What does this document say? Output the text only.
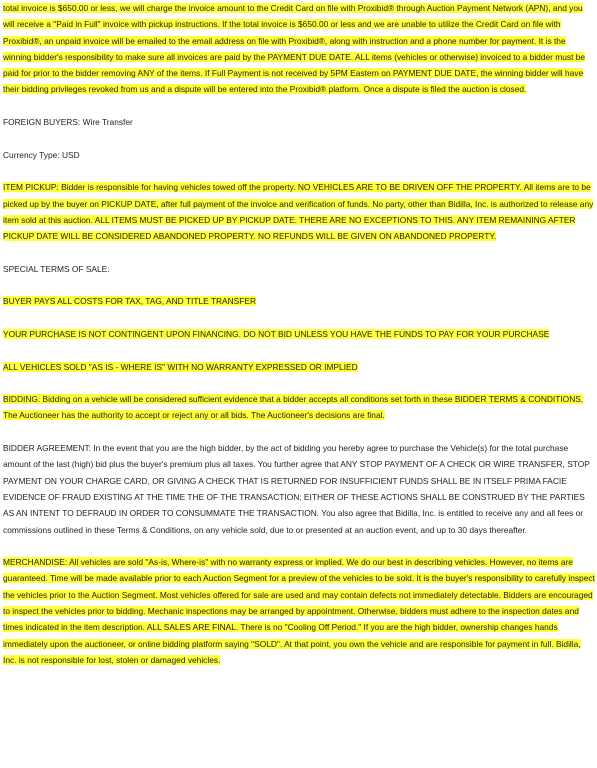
total invoice is $650.00 or less, we will charge the invoice amount to the Credit Card on file with Proxibid® through Auction Payment Network (APN), and you will receive a "Paid in Full" invoice with pickup instructions. If the total invoice is $650.00 or less and we are unable to utilize the Credit Card on file with Proxibid®, an unpaid invoice will be emailed to the email address on file with Proxibid®, along with instruction and a phone number for payment. It is the winning bidder's responsibility to make sure all invoices are paid by the PAYMENT DUE DATE. ALL items (vehicles or otherwise) invoiced to a bidder must be paid for prior to the bidder removing ANY of the items. If Full Payment is not received by 5PM Eastern on PAYMENT DUE DATE, the winning bidder will have their bidding privileges revoked from us and a dispute will be entered into the Proxibid® platform. Once a dispute is filed the auction is closed.

FOREIGN BUYERS: Wire Transfer

Currency Type: USD

ITEM PICKUP: Bidder is responsible for having vehicles towed off the property. NO VEHICLES ARE TO BE DRIVEN OFF THE PROPERTY. All items are to be picked up by the buyer on PICKUP DATE, after full payment of the invoice and verification of funds. No party, other than Bidilla, Inc. is authorized to release any item sold at this auction. ALL ITEMS MUST BE PICKED UP BY PICKUP DATE. THERE ARE NO EXCEPTIONS TO THIS. ANY ITEM REMAINING AFTER PICKUP DATE WILL BE CONSIDERED ABANDONED PROPERTY. NO REFUNDS WILL BE GIVEN ON ABANDONED PROPERTY.

SPECIAL TERMS OF SALE:

BUYER PAYS ALL COSTS FOR TAX, TAG, AND TITLE TRANSFER

YOUR PURCHASE IS NOT CONTINGENT UPON FINANCING. DO NOT BID UNLESS YOU HAVE THE FUNDS TO PAY FOR YOUR PURCHASE

ALL VEHICLES SOLD "AS IS - WHERE IS" WITH NO WARRANTY EXPRESSED OR IMPLIED

BIDDING: Bidding on a vehicle will be considered sufficient evidence that a bidder accepts all conditions set forth in these BIDDER TERMS & CONDITIONS. The Auctioneer has the authority to accept or reject any or all bids. The Auctioneer's decisions are final.

BIDDER AGREEMENT: In the event that you are the high bidder, by the act of bidding you hereby agree to purchase the Vehicle(s) for the total purchase amount of the last (high) bid plus the buyer's premium plus all taxes. You further agree that ANY STOP PAYMENT OF A CHECK OR WIRE TRANSFER, STOP PAYMENT ON YOUR CHARGE CARD, OR GIVING A CHECK THAT IS RETURNED FOR INSUFFICIENT FUNDS SHALL BE IN ITSELF PRIMA FACIE EVIDENCE OF FRAUD EXISTING AT THE TIME THE OF THE TRANSACTION; EITHER OF THESE ACTIONS SHALL BE CONSTRUED BY THE PARTIES AS AN INTENT TO DEFRAUD IN ORDER TO CONSUMMATE THE TRANSACTION. You also agree that Bidilla, Inc. is entitled to receive any and all fees or commissions outlined in these Terms & Conditions, on any vehicle sold, due to or presented at an auction event, and up to 30 days thereafter.

MERCHANDISE: All vehicles are sold "As-is, Where-is" with no warranty express or implied. We do our best in describing vehicles. However, no items are guaranteed. Time will be made available prior to each Auction Segment for a preview of the vehicles to be sold. It is the buyer's responsibility to carefully inspect the vehicles prior to the Auction Segment. Most vehicles offered for sale are used and may contain defects not immediately detectable. Bidders are encouraged to inspect the vehicles prior to bidding. Mechanic inspections may be arranged by appointment. Otherwise, bidders must adhere to the inspection dates and times indicated in the item description. ALL SALES ARE FINAL. There is no "Cooling Off Period." If you are the high bidder, ownership changes hands immediately upon the auctioneer, or online bidding platform saying "SOLD". At that point, you own the vehicle and are responsible for payment in full. Bidilla, Inc. is not responsible for lost, stolen or damaged vehicles.
